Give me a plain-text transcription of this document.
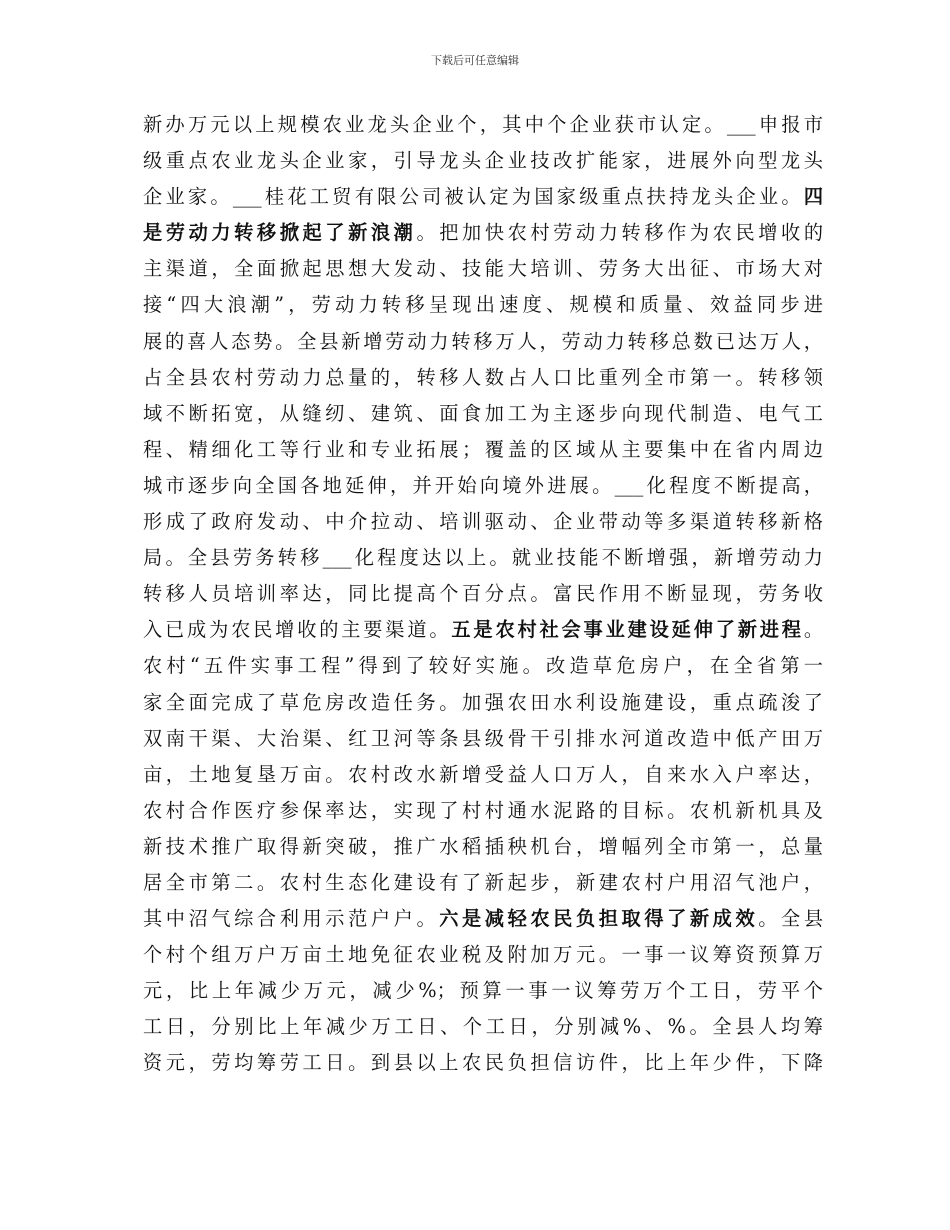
下载后可任意编辑
新办万元以上规模农业龙头企业个，其中个企业获市认定。___申报市
级重点农业龙头企业家，引导龙头企业技改扩能家，进展外向型龙头
企业家。___桂花工贸有限公司被认定为国家级重点扶持龙头企业。四
是劳动力转移掀起了新浪潮。把加快农村劳动力转移作为农民增收的
主渠道，全面掀起思想大发动、技能大培训、劳务大出征、市场大对
接“四大浪潮”，劳动力转移呈现出速度、规模和质量、效益同步进
展的喜人态势。全县新增劳动力转移万人，劳动力转移总数已达万人，
占全县农村劳动力总量的，转移人数占人口比重列全市第一。转移领
域不断拓宽，从缝纫、建筑、面食加工为主逐步向现代制造、电气工
程、精细化工等行业和专业拓展；覆盖的区域从主要集中在省内周边
城市逐步向全国各地延伸，并开始向境外进展。___化程度不断提高，
形成了政府发动、中介拉动、培训驱动、企业带动等多渠道转移新格
局。全县劳务转移___化程度达以上。就业技能不断增强，新增劳动力
转移人员培训率达，同比提高个百分点。富民作用不断显现，劳务收
入已成为农民增收的主要渠道。五是农村社会事业建设延伸了新进程。
农村“五件实事工程”得到了较好实施。改造草危房户，在全省第一
家全面完成了草危房改造任务。加强农田水利设施建设，重点疏浚了
双南干渠、大治渠、红卫河等条县级骨干引排水河道改造中低产田万
亩，土地复垦万亩。农村改水新增受益人口万人，自来水入户率达，
农村合作医疗参保率达，实现了村村通水泥路的目标。农机新机具及
新技术推广取得新突破，推广水稻插秧机台，增幅列全市第一，总量
居全市第二。农村生态化建设有了新起步，新建农村户用沼气池户，
其中沼气综合利用示范户户。六是减轻农民负担取得了新成效。全县
个村个组万户万亩土地免征农业税及附加万元。一事一议筹资预算万
元，比上年减少万元，减少%；预算一事一议筹劳万个工日，劳平个
工日，分别比上年减少万工日、个工日，分别减%、%。全县人均筹
资元，劳均筹劳工日。到县以上农民负担信访件，比上年少件，下降
